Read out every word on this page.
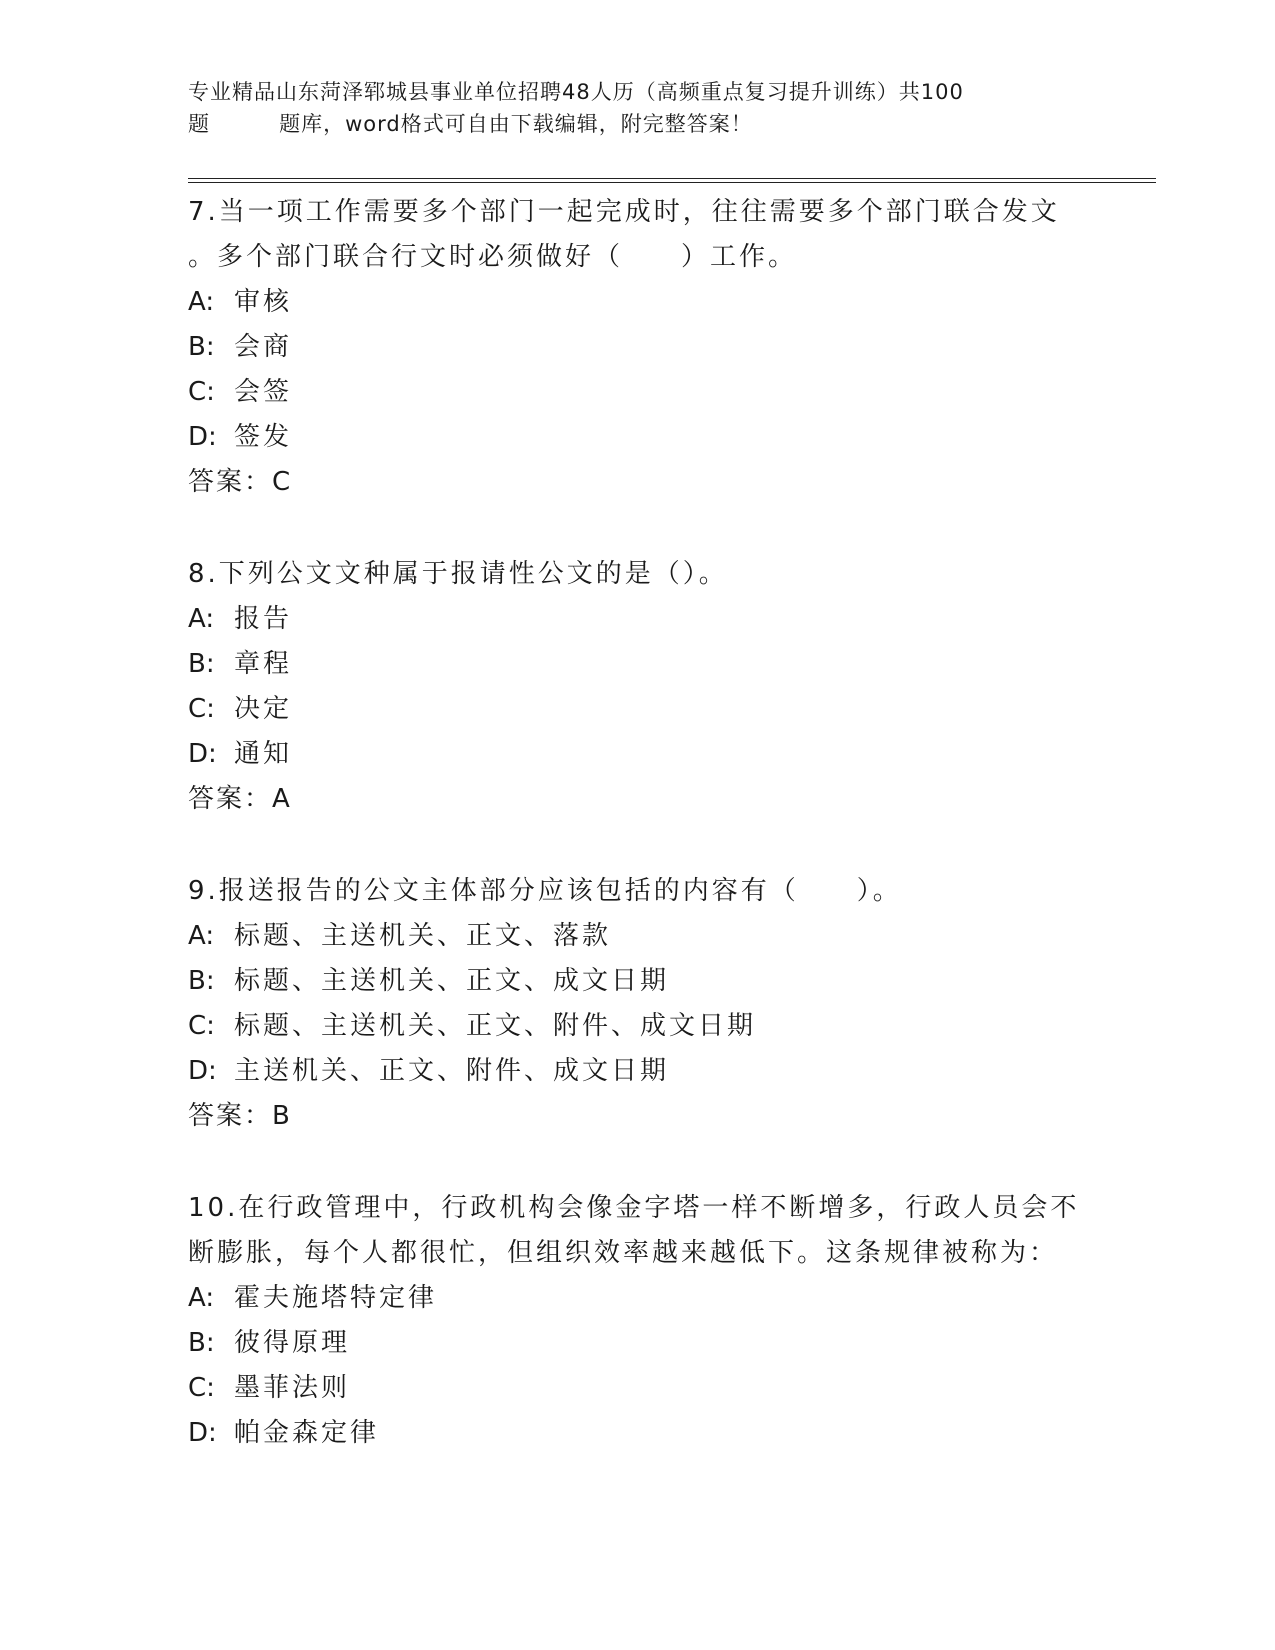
专业精品山东菏泽郓城县事业单位招聘48人历（高频重点复习提升训练）共100
题         题库，word格式可自由下载编辑，附完整答案！
7.当一项工作需要多个部门一起完成时，往往需要多个部门联合发文
。多个部门联合行文时必须做好（　　）工作。
A: 审核
B: 会商
C: 会签
D: 签发
答案：C
8.下列公文文种属于报请性公文的是（）。
A: 报告
B: 章程
C: 决定
D: 通知
答案：A
9.报送报告的公文主体部分应该包括的内容有（　　）。
A: 标题、主送机关、正文、落款
B: 标题、主送机关、正文、成文日期
C: 标题、主送机关、正文、附件、成文日期
D: 主送机关、正文、附件、成文日期
答案：B
10.在行政管理中，行政机构会像金字塔一样不断增多，行政人员会不
断膨胀，每个人都很忙，但组织效率越来越低下。这条规律被称为：
A: 霍夫施塔特定律
B: 彼得原理
C: 墨菲法则
D: 帕金森定律
